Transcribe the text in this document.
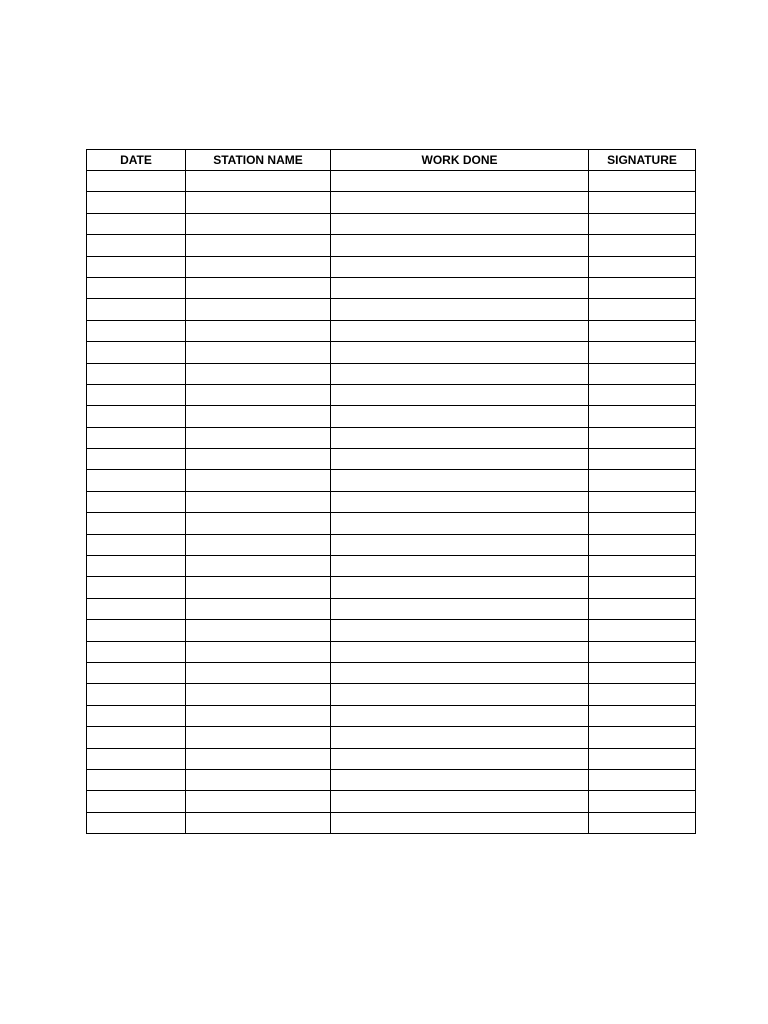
DATE	STATION NAME	WORK DONE	SIGNATURE
